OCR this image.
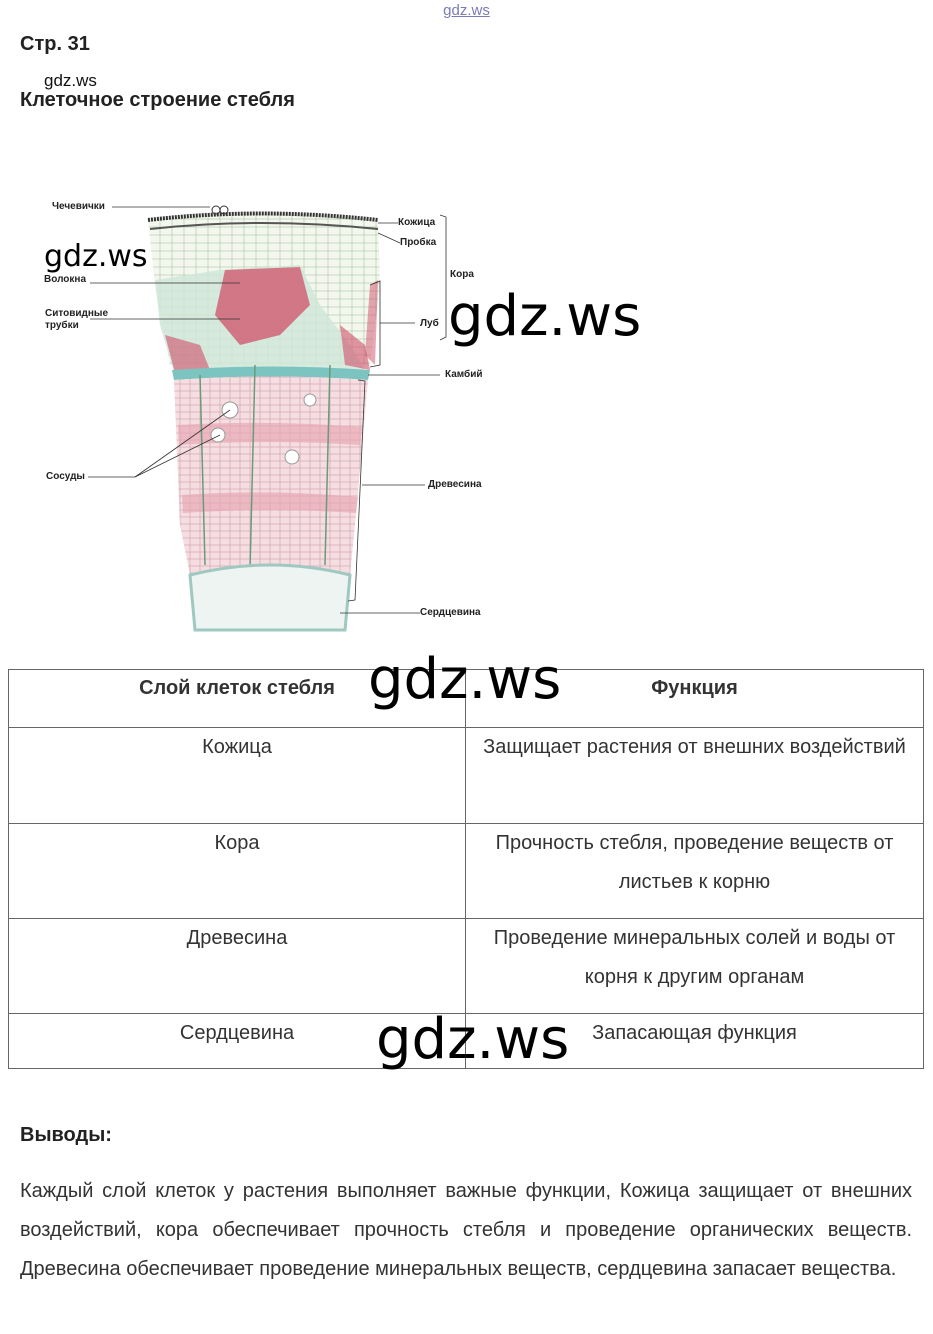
gdz.ws
Стр. 31
gdz.ws
Клеточное строение стебля
Чечевички
Кожица
Пробка
Кора
Волокна
Ситовидные
трубки	Луб
Камбий
Сосуды
Древесина
Сердцевина
gdz.ws
gdz.ws
Слой клеток стебля	Функция
Кожица	Защищает растения от внешних воздействий
Кора	Прочность стебля, проведение веществ от листьев к корню
Древесина	Проведение минеральных солей и воды от корня к другим органам
Сердцевина	Запасающая функция
gdz.ws
gdz.ws
Выводы:
Каждый слой клеток у растения выполняет важные функции, Кожица защищает от внешних воздействий, кора обеспечивает прочность стебля и проведение органических веществ. Древесина обеспечивает проведение минеральных веществ, сердцевина запасает вещества.
